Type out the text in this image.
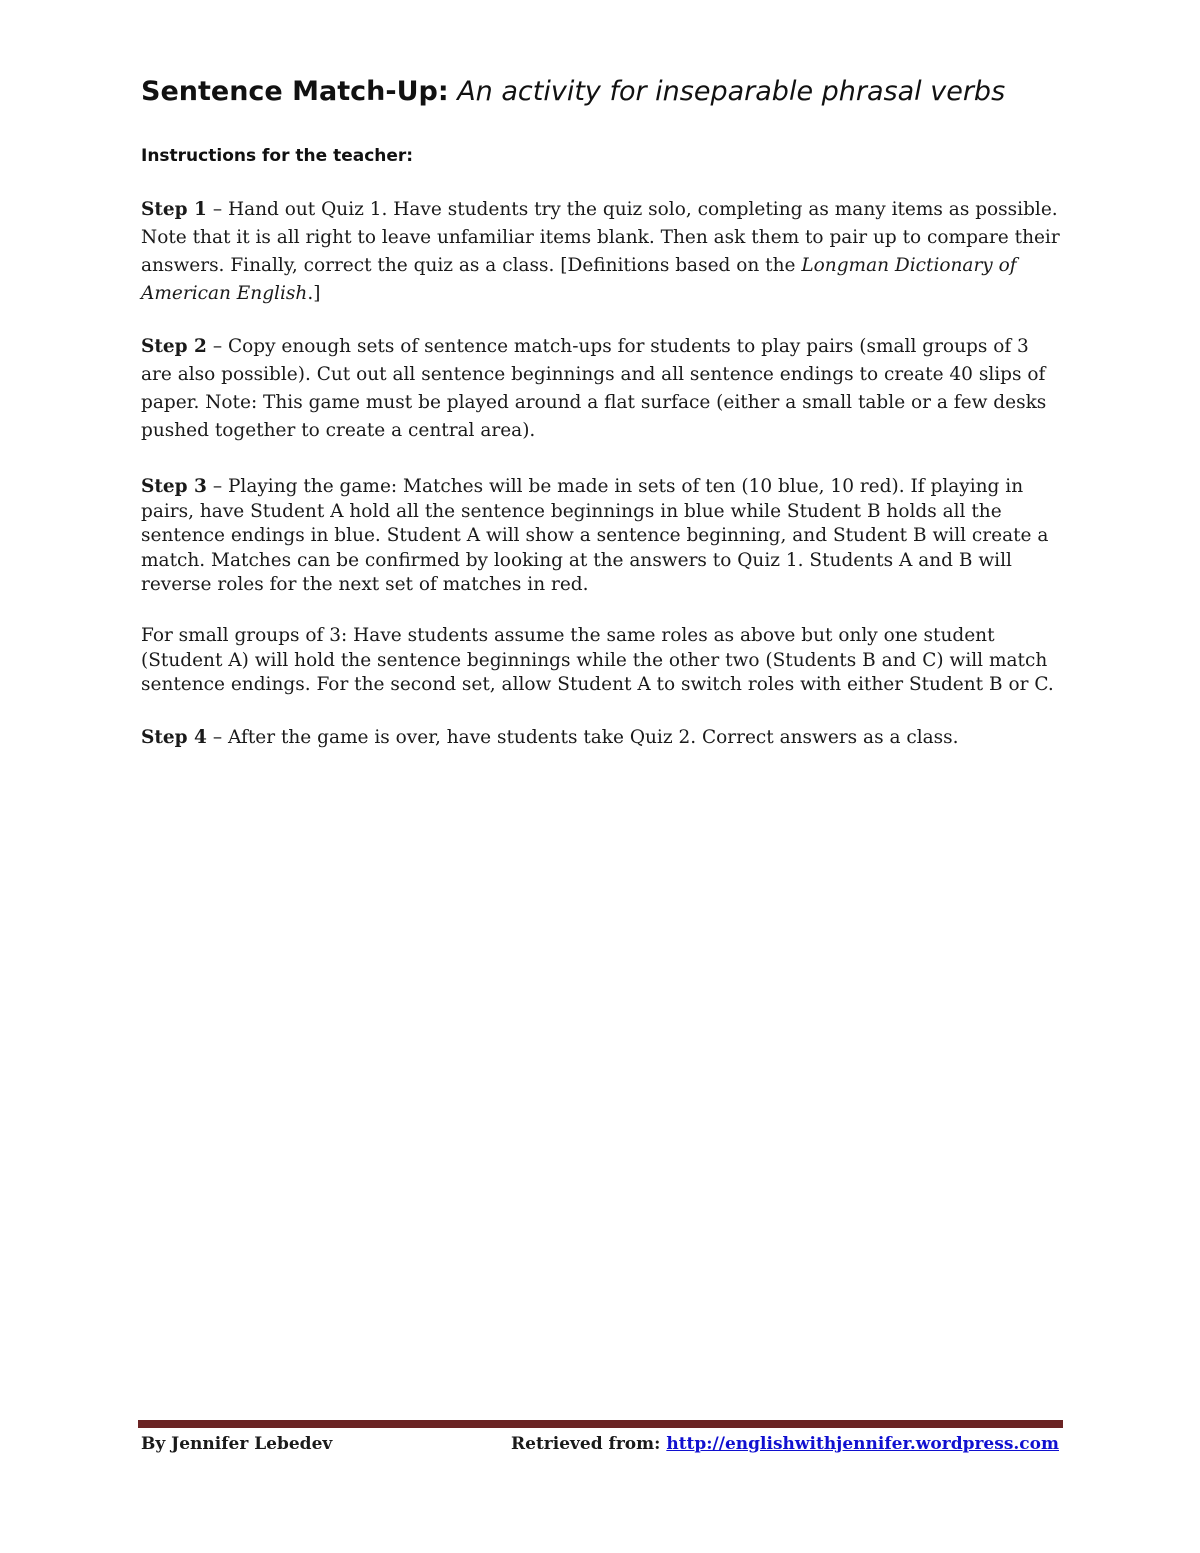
Sentence Match-Up: An activity for inseparable phrasal verbs

Instructions for the teacher:

Step 1 – Hand out Quiz 1. Have students try the quiz solo, completing as many items as possible. Note that it is all right to leave unfamiliar items blank. Then ask them to pair up to compare their answers. Finally, correct the quiz as a class. [Definitions based on the Longman Dictionary of American English.]

Step 2 – Copy enough sets of sentence match-ups for students to play pairs (small groups of 3 are also possible). Cut out all sentence beginnings and all sentence endings to create 40 slips of paper. Note: This game must be played around a flat surface (either a small table or a few desks pushed together to create a central area).

Step 3 – Playing the game: Matches will be made in sets of ten (10 blue, 10 red). If playing in pairs, have Student A hold all the sentence beginnings in blue while Student B holds all the sentence endings in blue. Student A will show a sentence beginning, and Student B will create a match. Matches can be confirmed by looking at the answers to Quiz 1. Students A and B will reverse roles for the next set of matches in red.

For small groups of 3: Have students assume the same roles as above but only one student (Student A) will hold the sentence beginnings while the other two (Students B and C) will match sentence endings. For the second set, allow Student A to switch roles with either Student B or C.

Step 4 – After the game is over, have students take Quiz 2. Correct answers as a class.

By Jennifer Lebedev	Retrieved from: http://englishwithjennifer.wordpress.com
